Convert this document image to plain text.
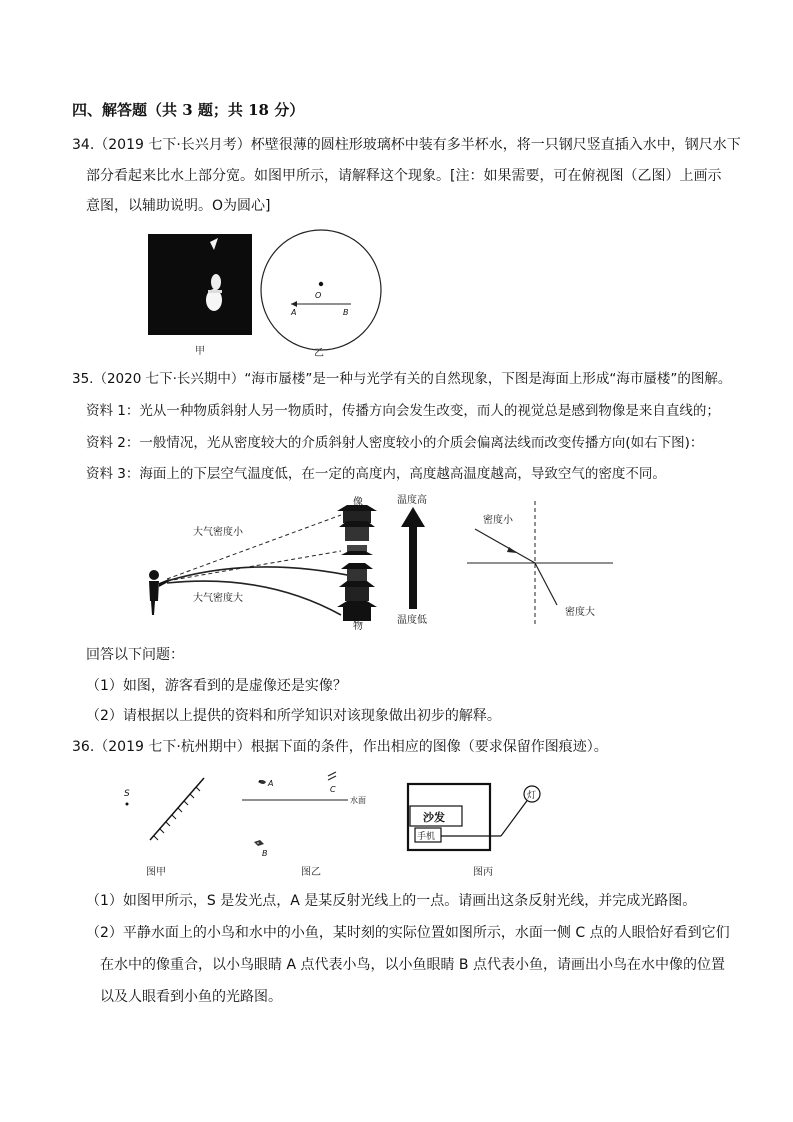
四、解答题（共 3 题；共 18 分）
34.（2019 七下·长兴月考）杯壁很薄的圆柱形玻璃杯中装有多半杯水，将一只钢尺竖直插入水中，钢尺水下
部分看起来比水上部分宽。如图甲所示，请解释这个现象。[注：如果需要，可在俯视图（乙图）上画示
意图，以辅助说明。O为圆心]
甲
O
A	B
乙
35.（2020 七下·长兴期中）“海市蜃楼”是一种与光学有关的自然现象，下图是海面上形成“海市蜃楼”的图解。
资料 1：光从一种物质斜射人另一物质时，传播方向会发生改变，而人的视觉总是感到物像是来自直线的；
资料 2：一般情况，光从密度较大的介质斜射人密度较小的介质会偏离法线而改变传播方向(如右下图)：
资料 3：海面上的下层空气温度低，在一定的高度内，高度越高温度越高，导致空气的密度不同。
大气密度小
大气密度大
像
物
温度高
温度低
密度小
密度大
回答以下问题：
（1）如图，游客看到的是虚像还是实像？
（2）请根据以上提供的资料和所学知识对该现象做出初步的解释。
36.（2019 七下·杭州期中）根据下面的条件，作出相应的图像（要求保留作图痕迹）。
S
图甲
A
C
水面
B
图乙
沙发
手机
灯
图丙
（1）如图甲所示，S 是发光点，A 是某反射光线上的一点。请画出这条反射光线，并完成光路图。
（2）平静水面上的小鸟和水中的小鱼，某时刻的实际位置如图所示，水面一侧 C 点的人眼恰好看到它们
在水中的像重合，以小鸟眼睛 A 点代表小鸟，以小鱼眼睛 B 点代表小鱼，请画出小鸟在水中像的位置
以及人眼看到小鱼的光路图。
